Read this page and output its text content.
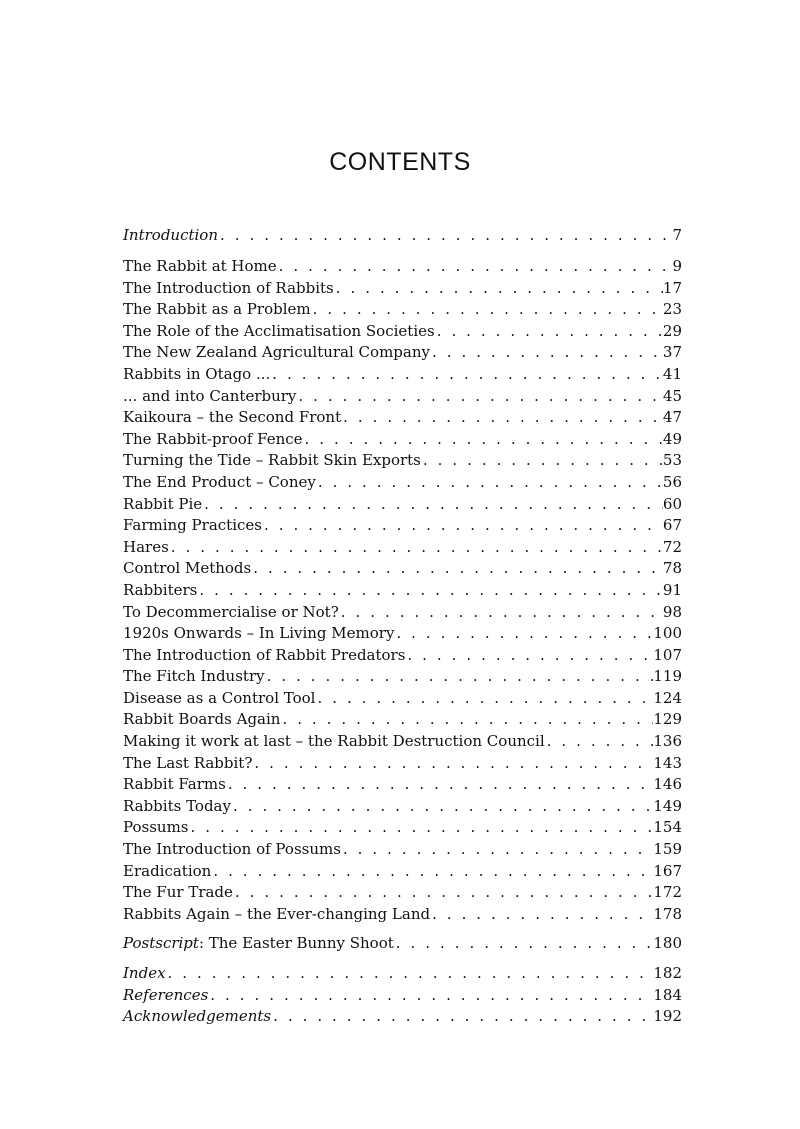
CONTENTS
Introduction . . .	7
The Rabbit at Home . . .	9
The Introduction of Rabbits . . .	17
The Rabbit as a Problem . . .	23
The Role of the Acclimatisation Societies . . .	29
The New Zealand Agricultural Company . . .	37
Rabbits in Otago ... . . .	41
... and into Canterbury . . .	45
Kaikoura – the Second Front . . .	47
The Rabbit-proof Fence . . .	49
Turning the Tide – Rabbit Skin Exports . . .	53
The End Product – Coney . . .	56
Rabbit Pie . . .	60
Farming Practices . . .	67
Hares . . .	72
Control Methods . . .	78
Rabbiters . . .	91
To Decommercialise or Not? . . .	98
1920s Onwards – In Living Memory . . .	100
The Introduction of Rabbit Predators . . .	107
The Fitch Industry . . .	119
Disease as a Control Tool . . .	124
Rabbit Boards Again . . .	129
Making it work at last – the Rabbit Destruction Council . . .	136
The Last Rabbit? . . .	143
Rabbit Farms . . .	146
Rabbits Today . . .	149
Possums . . .	154
The Introduction of Possums . . .	159
Eradication . . .	167
The Fur Trade . . .	172
Rabbits Again – the Ever-changing Land . . .	178
Postscript: The Easter Bunny Shoot . . .	180
Index . . .	182
References . . .	184
Acknowledgements . . .	192
